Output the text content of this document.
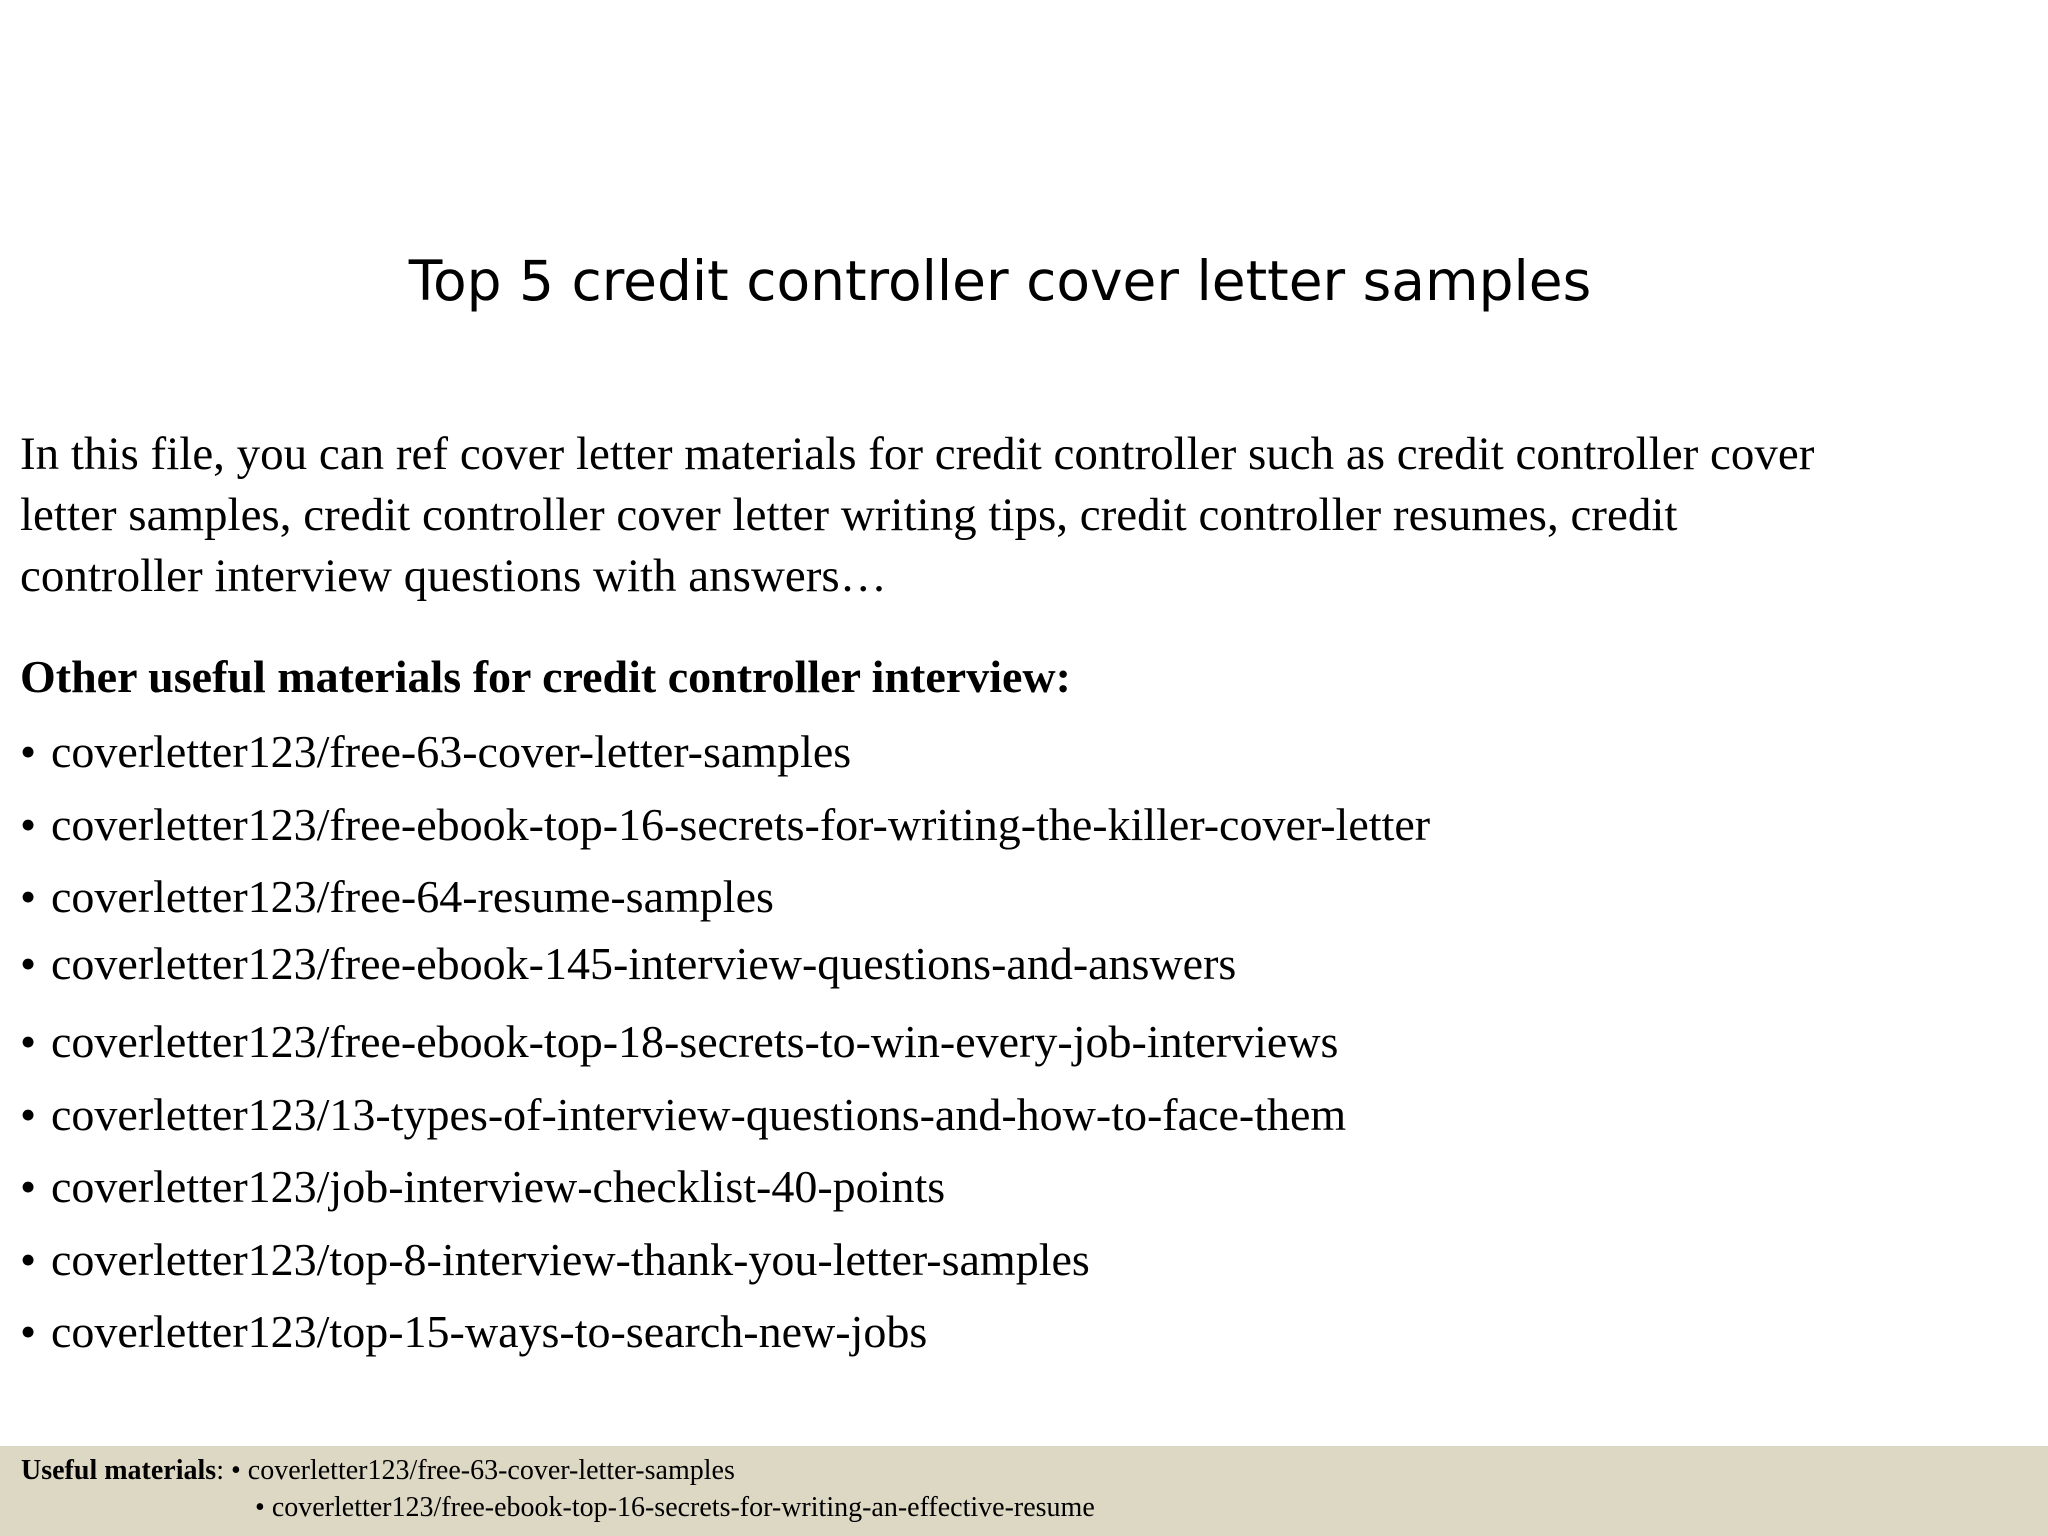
Top 5 credit controller cover letter samples
In this file, you can ref cover letter materials for credit controller such as credit controller cover
letter samples, credit controller cover letter writing tips, credit controller resumes, credit
controller interview questions with answers…
Other useful materials for credit controller interview:
• coverletter123/free-63-cover-letter-samples
• coverletter123/free-ebook-top-16-secrets-for-writing-the-killer-cover-letter
• coverletter123/free-64-resume-samples
• coverletter123/free-ebook-145-interview-questions-and-answers
• coverletter123/free-ebook-top-18-secrets-to-win-every-job-interviews
• coverletter123/13-types-of-interview-questions-and-how-to-face-them
• coverletter123/job-interview-checklist-40-points
• coverletter123/top-8-interview-thank-you-letter-samples
• coverletter123/top-15-ways-to-search-new-jobs
Useful materials: • coverletter123/free-63-cover-letter-samples
• coverletter123/free-ebook-top-16-secrets-for-writing-an-effective-resume
